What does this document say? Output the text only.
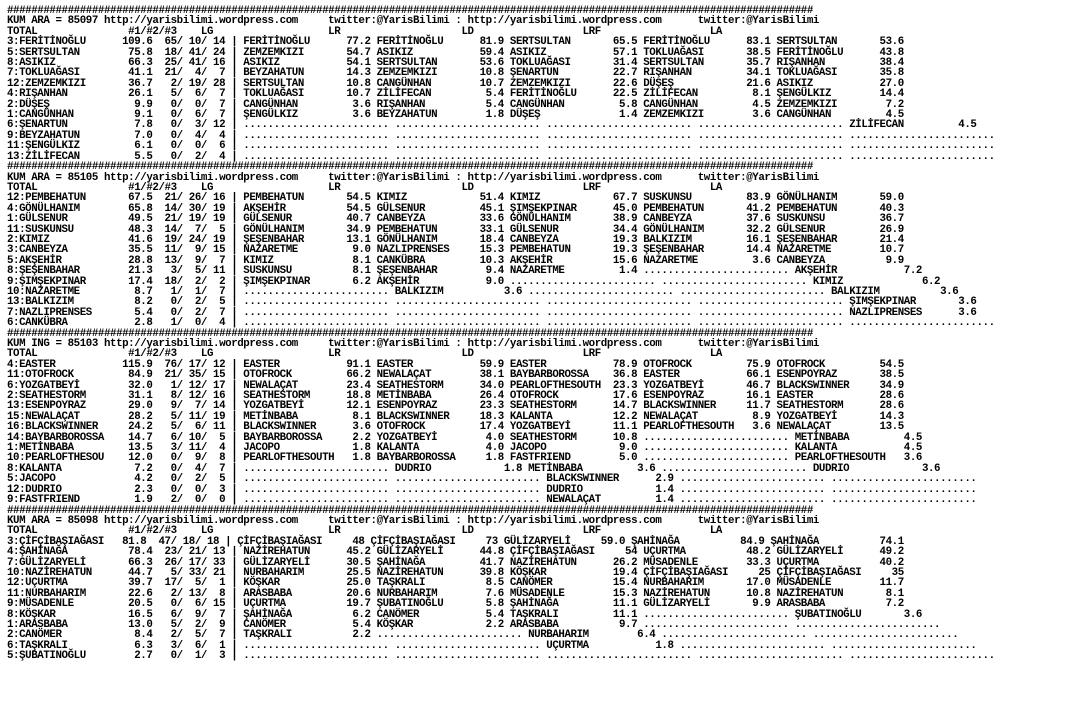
#####################################################################################################################################
KUM ARA = 85097 http://yarisbilimi.wordpress.com     twitter:@YarisBilimi : http://yarisbilimi.wordpress.com      twitter:@YarisBilimi
TOTAL               #1/#2/#3    LG                   LR                    LD                  LRF                  LA
3:FERİTİNOĞLU      109.6  65/ 10/ 14 | FERİTİNOĞLU      77.2 FERİTİNOĞLU      81.9 SERTSULTAN       65.5 FERİTİNOĞLU      83.1 SERTSULTAN       53.6
5:SERTSULTAN        75.8  18/ 41/ 24 | ZEMZEMKIZI       54.7 ASIKIZ           59.4 ASIKIZ           57.1 TOKLUAĞASI       38.5 FERİTİNOĞLU      43.8
8:ASIKIZ            66.3  25/ 41/ 16 | ASIKIZ           54.1 SERTSULTAN       53.6 TOKLUAĞASI       31.4 SERTSULTAN       35.7 RIŞANHAN         38.4
7:TOKLUAĞASI        41.1  21/  4/  7 | BEYZAHATUN       14.3 ZEMZEMKIZI       10.8 ŞENARTUN         22.7 RIŞANHAN         34.1 TOKLUAĞASI       35.8
12:ZEMZEMKIZI       36.7   2/ 19/ 28 | SERTSULTAN       10.8 CANGÜNHAN        10.7 ZEMZEMKIZI       22.6 DÜŞEŞ            21.6 ASIKIZ           27.0
4:RIŞANHAN          26.1   5/  6/  7 | TOKLUAĞASI       10.7 ZİLİFECAN         5.4 FERİTİNOĞLU      22.5 ZİLİFECAN         8.1 ŞENGÜLKIZ        14.4
2:DÜŞEŞ              9.9   0/  0/  7 | CANGÜNHAN         3.6 RIŞANHAN          5.4 CANGÜNHAN         5.8 CANGÜNHAN         4.5 ZEMZEMKIZI        7.2
1:CANGÜNHAN          9.1   0/  6/  7 | ŞENGÜLKIZ         3.6 BEYZAHATUN        1.8 DÜŞEŞ             1.4 ZEMZEMKIZI        3.6 CANGÜNHAN         4.5
6:ŞENARTUN           7.8   0/  3/ 12 | ........................ ........................ ........................ ........................ ZİLİFECAN         4.5
9:BEYZAHATUN         7.0   0/  4/  4 | ........................ ........................ ........................ ........................ ........................
11:ŞENGÜLKIZ         6.1   0/  0/  6 | ........................ ........................ ........................ ........................ ........................
13:ZİLİFECAN         5.5   0/  2/  4 | ........................ ........................ ........................ ........................ ........................
#####################################################################################################################################
KUM ARA = 85105 http://yarisbilimi.wordpress.com     twitter:@YarisBilimi : http://yarisbilimi.wordpress.com      twitter:@YarisBilimi
TOTAL               #1/#2/#3    LG                   LR                    LD                  LRF                  LA
12:PEMBEHATUN       67.5  21/ 26/ 16 | PEMBEHATUN       54.5 KIMIZ            51.4 KIMIZ            67.7 SUSKUNSU         83.9 GÖNÜLHANIM       59.0
4:GÖNÜLHANIM        65.8  14/ 30/ 19 | AKŞEHİR          54.5 GÜLSENUR         45.1 ŞIMŞEKPINAR      45.0 PEMBEHATUN       41.2 PEMBEHATUN       40.3
1:GÜLSENUR          49.5  21/ 19/ 19 | GÜLSENUR         40.7 CANBEYZA         33.6 GÖNÜLHANIM       38.9 CANBEYZA         37.6 SUSKUNSU         36.7
11:SUSKUNSU         48.3  14/  7/  5 | GÖNÜLHANIM       34.9 PEMBEHATUN       33.1 GÜLSENUR         34.4 GÖNÜLHANIM       32.2 GÜLSENUR         26.9
2:KIMIZ             41.6  19/ 24/ 19 | ŞEŞENBAHAR       13.1 GÖNÜLHANIM       18.4 CANBEYZA         19.3 BALKIZIM         16.1 ŞEŞENBAHAR       21.4
3:CANBEYZA          35.5  11/  9/ 15 | NAZARETME         9.0 NAZLIPRENSES     15.3 PEMBEHATUN       19.3 ŞEŞENBAHAR       14.4 NAZARETME        10.7
5:AKŞEHİR           28.8  13/  9/  7 | KIMIZ             8.1 CANKÜBRA         10.3 AKŞEHİR          15.6 NAZARETME         3.6 CANBEYZA          9.9
8:ŞEŞENBAHAR        21.3   3/  5/ 11 | SUSKUNSU          8.1 ŞEŞENBAHAR        9.4 NAZARETME         1.4 ........................ AKŞEHİR           7.2
9:ŞIMŞEKPINAR       17.4  18/  2/  2 | ŞIMŞEKPINAR       6.2 AKŞEHİR           9.0 ........................ ........................ KIMIZ             6.2
10:NAZARETME         8.7   1/  1/  7 | ........................ BALKIZIM          3.6 ........................ ........................ BALKIZIM          3.6
13:BALKIZIM          8.2   0/  2/  5 | ........................ ........................ ........................ ........................ ŞIMŞEKPINAR       3.6
7:NAZLIPRENSES       5.4   0/  2/  7 | ........................ ........................ ........................ ........................ NAZLIPRENSES      3.6
6:CANKÜBRA           2.8   1/  0/  4 | ........................ ........................ ........................ ........................ ........................
#####################################################################################################################################
KUM ING = 85103 http://yarisbilimi.wordpress.com     twitter:@YarisBilimi : http://yarisbilimi.wordpress.com      twitter:@YarisBilimi
TOTAL               #1/#2/#3    LG                   LR                    LD                  LRF                  LA
4:EASTER           115.9  76/ 17/ 12 | EASTER           91.1 EASTER           59.9 EASTER           78.9 OTOFROCK         75.9 OTOFROCK         54.5
11:OTOFROCK         84.9  21/ 35/ 15 | OTOFROCK         66.2 NEWALAÇAT        38.1 BAYBARBOROSSA    36.8 EASTER           66.1 ESENPOYRAZ       38.5
6:YOZGATBEYİ        32.0   1/ 12/ 17 | NEWALAÇAT        23.4 SEATHESTORM      34.0 PEARLOFTHESOUTH  23.3 YOZGATBEYİ       46.7 BLACKSWINNER     34.9
2:SEATHESTORM       31.1   8/ 12/ 16 | SEATHESTORM      18.8 METİNBABA        26.4 OTOFROCK         17.6 ESENPOYRAZ       16.1 EASTER           28.6
13:ESENPOYRAZ       29.0   9/  7/ 14 | YOZGATBEYİ       12.1 ESENPOYRAZ       23.3 SEATHESTORM      14.7 BLACKSWINNER     11.7 SEATHESTORM      28.6
15:NEWALAÇAT        28.2   5/ 11/ 19 | METİNBABA         8.1 BLACKSWINNER     18.3 KALANTA          12.2 NEWALAÇAT         8.9 YOZGATBEYİ       14.3
16:BLACKSWINNER     24.2   5/  6/ 11 | BLACKSWINNER      3.6 OTOFROCK         17.4 YOZGATBEYİ       11.1 PEARLOFTHESOUTH   3.6 NEWALAÇAT        13.5
14:BAYBARBOROSSA    14.7   6/ 10/  5 | BAYBARBOROSSA     2.2 YOZGATBEYİ        4.0 SEATHESTORM      10.8 ........................ METİNBABA         4.5
1:METİNBABA         13.5   3/ 11/  4 | JACOPO            1.8 KALANTA           4.0 JACOPO            9.0 ........................ KALANTA           4.5
10:PEARLOFTHESOU    12.0   0/  9/  8 | PEARLOFTHESOUTH   1.8 BAYBARBOROSSA     1.8 FASTFRIEND        5.0 ........................ PEARLOFTHESOUTH   3.6
8:KALANTA            7.2   0/  4/  7 | ........................ DUDRIO            1.8 METİNBABA         3.6 ........................ DUDRIO            3.6
5:JACOPO             4.2   0/  2/  5 | ........................ ........................ BLACKSWINNER      2.9 ........................ ........................
12:DUDRIO            2.3   0/  0/  3 | ........................ ........................ DUDRIO            1.4 ........................ ........................
9:FASTFRIEND         1.9   2/  0/  0 | ........................ ........................ NEWALAÇAT         1.4 ........................ ........................
#####################################################################################################################################
KUM ARA = 85098 http://yarisbilimi.wordpress.com     twitter:@YarisBilimi : http://yarisbilimi.wordpress.com      twitter:@YarisBilimi
TOTAL               #1/#2/#3    LG                   LR                    LD                  LRF                  LA
3:ÇİFÇİBAŞIAĞASI   81.8  47/ 18/ 18 | ÇİFÇİBAŞIAĞASI     48 ÇİFÇİBAŞIAĞASI     73 GÜLİZARYELİ     59.0 ŞAHİNAĞA          84.9 ŞAHİNAĞA          74.1
4:ŞAHİNAĞA          78.4  23/ 21/ 13 | NAZİREHATUN      45.2 GÜLİZARYELİ      44.8 ÇİFÇİBAŞIAĞASI     54 UÇURTMA          48.2 GÜLİZARYELİ      49.2
7:GÜLİZARYELİ       66.3  26/ 17/ 33 | GÜLİZARYELİ      30.5 ŞAHİNAĞA         41.7 NAZİREHATUN      26.2 MÜSADENLE        33.3 UÇURTMA          40.2
10:NAZİREHATUN      44.7   5/ 33/ 21 | NURBAHARIM       25.5 NAZİREHATUN      39.8 KÖŞKAR           19.4 ÇİFÇİBAŞIAĞASI     25 ÇİFÇİBAŞIAĞASI     35
12:UÇURTMA          39.7  17/  5/  1 | KÖŞKAR           25.0 TAŞKRALI          8.5 CANÖMER          15.4 NURBAHARIM       17.0 MÜSADENLE        11.7
11:NURBAHARIM       22.6   2/ 13/  8 | ARASBABA         20.6 NURBAHARIM        7.6 MÜSADENLE        15.3 NAZİREHATUN      10.8 NAZİREHATUN       8.1
9:MÜSADENLE         20.5   0/  6/ 15 | UÇURTMA          19.7 ŞUBATINOĞLU       5.8 ŞAHİNAĞA         11.1 GÜLİZARYELİ       9.9 ARASBABA          7.2
8:KÖŞKAR            16.5   6/  9/  7 | ŞAHİNAĞA          6.2 CANÖMER           5.4 TAŞKRALI         11.1 ........................ ŞUBATINOĞLU       3.6
1:ARASBABA          13.0   5/  2/  9 | CANÖMER           5.4 KÖŞKAR            2.2 ARASBABA          9.7 ........................ ........................
2:CANÖMER            8.4   2/  5/  7 | TAŞKRALI          2.2 ........................ NURBAHARIM        6.4 ........................ ........................
6:TAŞKRALI           6.3   3/  6/  1 | ........................ ........................ UÇURTMA           1.8 ........................ ........................
5:ŞUBATINOĞLU        2.7   0/  1/  3 | ........................ ........................ ........................ ........................ ........................
